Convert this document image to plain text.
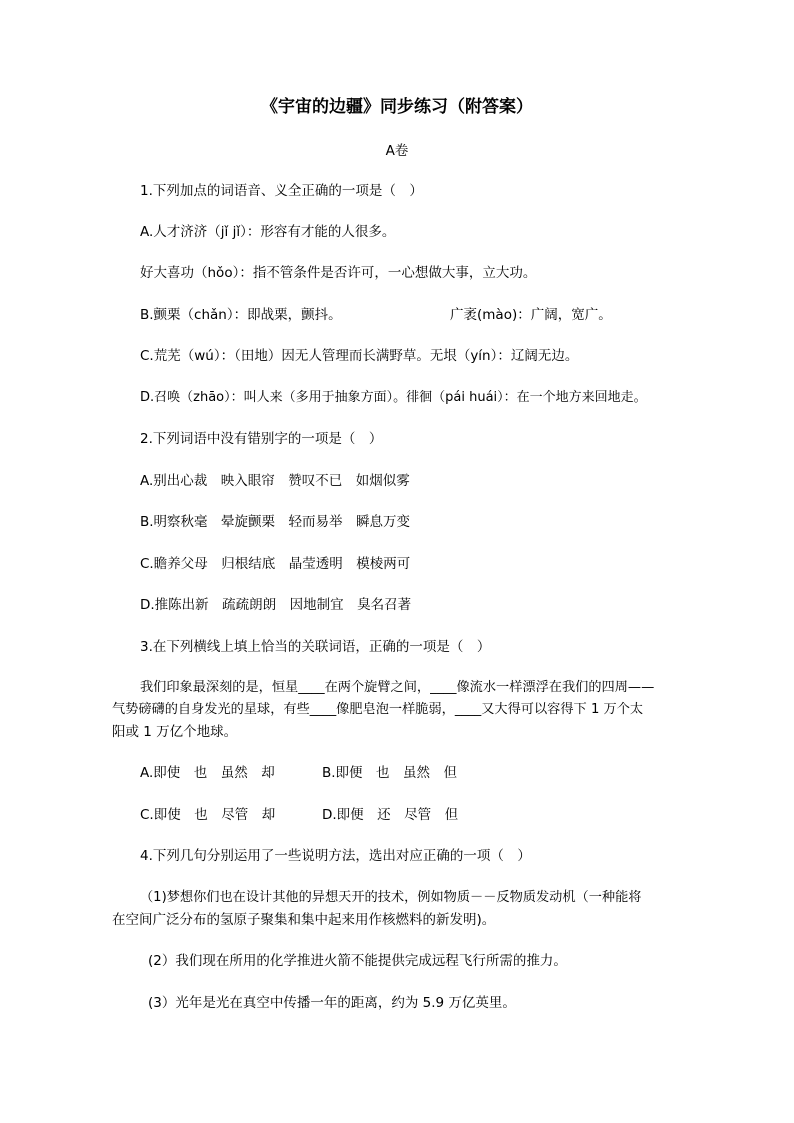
《宇宙的边疆》同步练习（附答案）
A卷
1.下列加点的词语音、义全正确的一项是（　）
A.人才济济（jǐ jǐ）：形容有才能的人很多。
好大喜功（hǒo）：指不管条件是否许可，一心想做大事，立大功。
B.颤栗（chǎn）：即战栗，颤抖。	广袤(mào)：广阔，宽广。
C.荒芜（wú）：（田地）因无人管理而长满野草。无垠（yín）：辽阔无边。
D.召唤（zhāo）：叫人来（多用于抽象方面）。徘徊（pái huái）：在一个地方来回地走。
2.下列词语中没有错别字的一项是（　）
A.别出心裁　映入眼帘　赞叹不已　如烟似雾
B.明察秋毫　晕旋颤栗　轻而易举　瞬息万变
C.瞻养父母　归根结底　晶莹透明　模棱两可
D.推陈出新　疏疏朗朗　因地制宜　臭名召著
3.在下列横线上填上恰当的关联词语，正确的一项是（　）
我们印象最深刻的是，恒星____在两个旋臂之间，____像流水一样漂浮在我们的四周——
气势磅礴的自身发光的星球，有些____像肥皂泡一样脆弱，____又大得可以容得下 1 万个太
阳或 1 万亿个地球。
A.即使　也　虽然　却	B.即便　也　虽然　但
C.即使　也　尽管　却	D.即便　还　尽管　但
4.下列几句分别运用了一些说明方法，选出对应正确的一项（　）
（1)梦想你们也在设计其他的异想天开的技术，例如物质－－反物质发动机（一种能将
在空间广泛分布的氢原子聚集和集中起来用作核燃料的新发明)。
(2）我们现在所用的化学推进火箭不能提供完成远程飞行所需的推力。
(3）光年是光在真空中传播一年的距离，约为 5.9 万亿英里。
